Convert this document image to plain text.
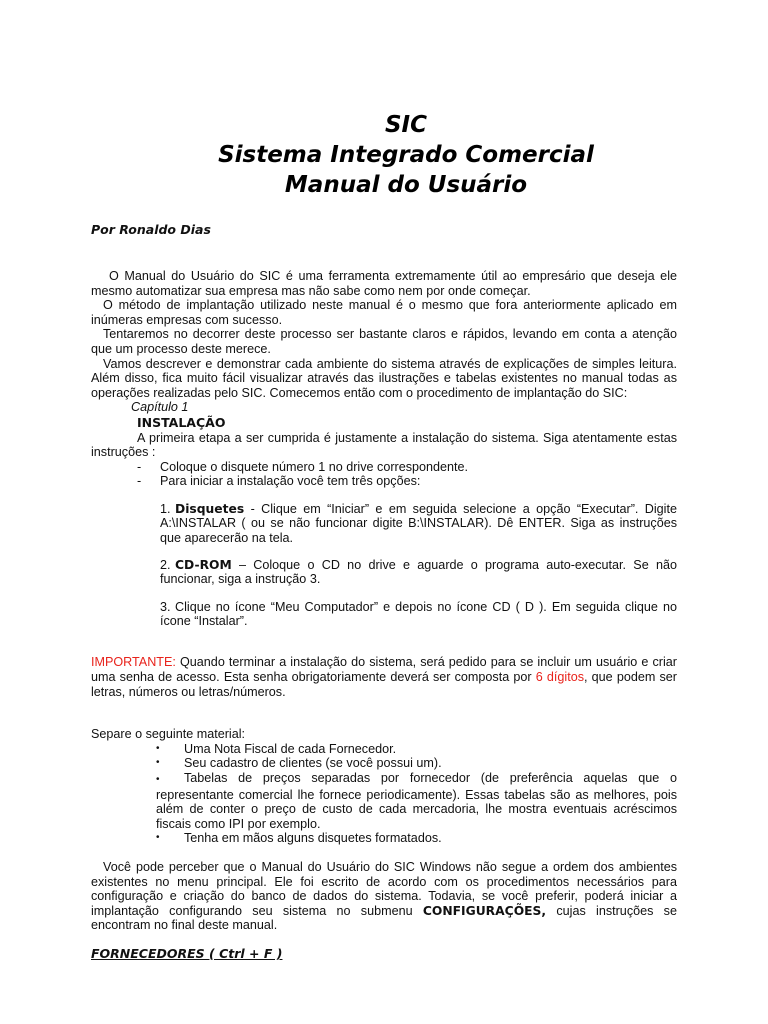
SIC
Sistema Integrado Comercial
Manual do Usuário
Por Ronaldo Dias

O Manual do Usuário do SIC é uma ferramenta extremamente útil ao empresário que deseja ele mesmo automatizar sua empresa mas não sabe como nem por onde começar.

O método de implantação utilizado neste manual é o mesmo que fora anteriormente aplicado em inúmeras empresas com sucesso.

Tentaremos no decorrer deste processo ser bastante claros e rápidos, levando em conta a atenção que um processo deste merece.

Vamos descrever e demonstrar cada ambiente do sistema através de explicações de simples leitura. Além disso, fica muito fácil visualizar através das ilustrações e tabelas existentes no manual todas as operações realizadas pelo SIC. Comecemos então com o procedimento de implantação do SIC:

Capítulo 1
INSTALAÇÃO

A primeira etapa a ser cumprida é justamente a instalação do sistema. Siga atentamente estas instruções :

-	Coloque o disquete número 1 no drive correspondente.
-	Para iniciar a instalação você tem três opções:

1. Disquetes - Clique em “Iniciar” e em seguida selecione a opção “Executar”. Digite A:\INSTALAR ( ou se não funcionar digite B:\INSTALAR). Dê ENTER. Siga as instruções que aparecerão na tela.

2. CD-ROM – Coloque o CD no drive e aguarde o programa auto-executar. Se não funcionar, siga a instrução 3.

3. Clique no ícone “Meu Computador” e depois no ícone CD ( D ). Em seguida clique no ícone “Instalar”.

IMPORTANTE: Quando terminar a instalação do sistema, será pedido para se incluir um usuário e criar uma senha de acesso. Esta senha obrigatoriamente deverá ser composta por 6 dígitos, que podem ser letras, números ou letras/números.

Separe o seguinte material:
•	Uma Nota Fiscal de cada Fornecedor.
•	Seu cadastro de clientes (se você possui um).
• Tabelas de preços separadas por fornecedor (de preferência aquelas que o representante comercial lhe fornece periodicamente). Essas tabelas são as melhores, pois além de conter o preço de custo de cada mercadoria, lhe mostra eventuais acréscimos fiscais como IPI por exemplo.
•	Tenha em mãos alguns disquetes formatados.

Você pode perceber que o Manual do Usuário do SIC Windows não segue a ordem dos ambientes existentes no menu principal. Ele foi escrito de acordo com os procedimentos necessários para configuração e criação do banco de dados do sistema. Todavia, se você preferir, poderá iniciar a implantação configurando seu sistema no submenu CONFIGURAÇÕES, cujas instruções se encontram no final deste manual.

FORNECEDORES ( Ctrl + F )
